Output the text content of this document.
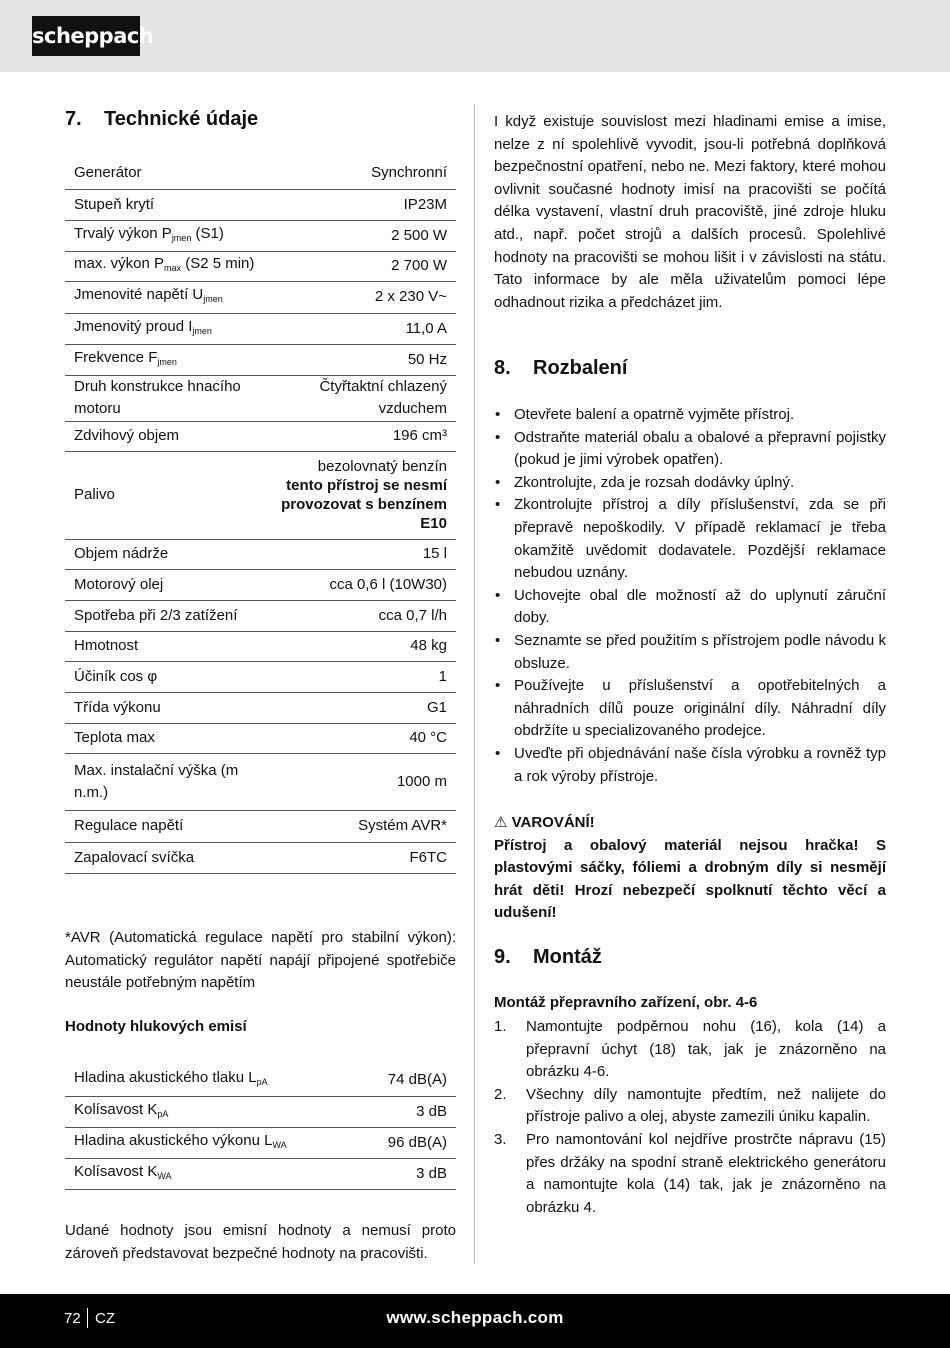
scheppach
7. Technické údaje
Generátor	Synchronní
Stupeň krytí	IP23M
Trvalý výkon $P_{jmen}$ (S1)	2 500 W
max. výkon $P_{max}$ (S2 5 min)	2 700 W
Jmenovité napětí $U_{jmen}$	2 x 230 V~
Jmenovitý proud $I_{jmen}$	11,0 A
Frekvence $F_{jmen}$	50 Hz
Druh konstrukce hnacího motoru	Čtyřtaktní chlazený vzduchem
Zdvihový objem	196 cm³
Palivo	bezolovnatý benzín
tento přístroj se nesmí provozovat s benzínem E10

Objem nádrže	15 l
Motorový olej	cca 0,6 l (10W30)
Spotřeba při 2/3 zatížení	cca 0,7 l/h
Hmotnost	48 kg
Účiník cos φ	1
Třída výkonu	G1
Teplota max	40 °C
Max. instalační výška (m n.m.)	1000 m
Regulace napětí	Systém AVR*
Zapalovací svíčka	F6TC
*AVR (Automatická regulace napětí pro stabilní výkon): Automatický regulátor napětí napájí připojené spotřebiče neustále potřebným napětím
Hodnoty hlukových emisí
Hladina akustického tlaku $L_{pA}$	74 dB(A)
Kolísavost $K_{pA}$	3 dB
Hladina akustického výkonu $L_{WA}$	96 dB(A)
Kolísavost $K_{WA}$	3 dB
Udané hodnoty jsou emisní hodnoty a nemusí proto zároveň představovat bezpečné hodnoty na pracovišti.
I když existuje souvislost mezi hladinami emise a imise, nelze z ní spolehlivě vyvodit, jsou-li potřebná doplňková bezpečnostní opatření, nebo ne. Mezi faktory, které mohou ovlivnit současné hodnoty imisí na pracovišti se počítá délka vystavení, vlastní druh pracoviště, jiné zdroje hluku atd., např. počet strojů a dalších procesů. Spolehlivé hodnoty na pracovišti se mohou lišit i v závislosti na státu. Tato informace by ale měla uživatelům pomoci lépe odhadnout rizika a předcházet jim.
8. Rozbalení
• Otevřete balení a opatrně vyjměte přístroj.
• Odstraňte materiál obalu a obalové a přepravní pojistky (pokud je jimi výrobek opatřen).
• Zkontrolujte, zda je rozsah dodávky úplný.
• Zkontrolujte přístroj a díly příslušenství, zda se při přepravě nepoškodily. V případě reklamací je třeba okamžitě uvědomit dodavatele. Pozdější reklamace nebudou uznány.
• Uchovejte obal dle možností až do uplynutí záruční doby.
• Seznamte se před použitím s přístrojem podle návodu k obsluze.
• Používejte u příslušenství a opotřebitelných a náhradních dílů pouze originální díly. Náhradní díly obdržíte u specializovaného prodejce.
• Uveďte při objednávání naše čísla výrobku a rovněž typ a rok výroby přístroje.
⚠ VAROVÁNÍ!
Přístroj a obalový materiál nejsou hračka! S plastovými sáčky, fóliemi a drobným díly si nesmějí hrát děti! Hrozí nebezpečí spolknutí těchto věcí a udušení!
9. Montáž
Montáž přepravního zařízení, obr. 4-6
1. Namontujte podpěrnou nohu (16), kola (14) a přepravní úchyt (18) tak, jak je znázorněno na obrázku 4-6.
2. Všechny díly namontujte předtím, než nalijete do přístroje palivo a olej, abyste zamezili úniku kapalin.
3. Pro namontování kol nejdříve prostrčte nápravu (15) přes držáky na spodní straně elektrického generátoru a namontujte kola (14) tak, jak je znázorněno na obrázku 4.
72 CZ	www.scheppach.com
